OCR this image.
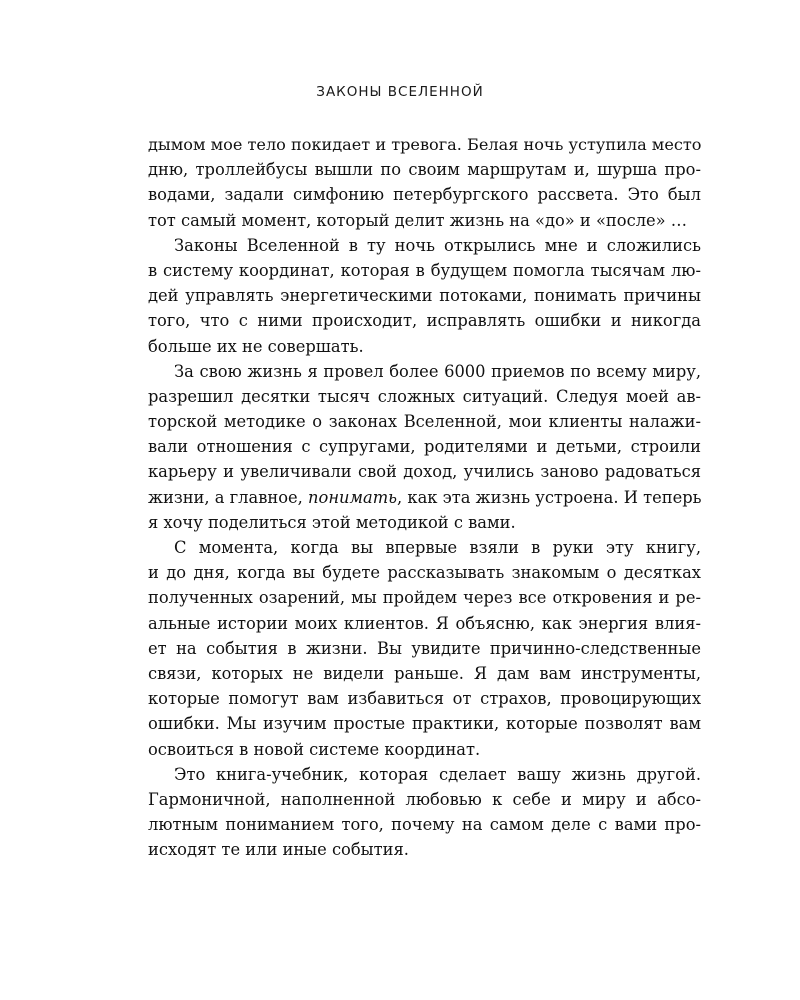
ЗАКОНЫ ВСЕЛЕННОЙ
дымом мое тело покидает и тревога. Белая ночь уступила место
дню, троллейбусы вышли по своим маршрутам и, шурша про-
водами, задали симфонию петербургского рассвета. Это был
тот самый момент, который делит жизнь на «до» и «после» …
Законы Вселенной в ту ночь открылись мне и сложились
в систему координат, которая в будущем помогла тысячам лю-
дей управлять энергетическими потоками, понимать причины
того, что с ними происходит, исправлять ошибки и никогда
больше их не совершать.
За свою жизнь я провел более 6000 приемов по всему миру,
разрешил десятки тысяч сложных ситуаций. Следуя моей ав-
торской методике о законах Вселенной, мои клиенты налажи-
вали отношения с супругами, родителями и детьми, строили
карьеру и увеличивали свой доход, учились заново радоваться
жизни, а главное, понимать, как эта жизнь устроена. И теперь
я хочу поделиться этой методикой с вами.
С момента, когда вы впервые взяли в руки эту книгу,
и до дня, когда вы будете рассказывать знакомым о десятках
полученных озарений, мы пройдем через все откровения и ре-
альные истории моих клиентов. Я объясню, как энергия влия-
ет на события в жизни. Вы увидите причинно-следственные
связи, которых не видели раньше. Я дам вам инструменты,
которые помогут вам избавиться от страхов, провоцирующих
ошибки. Мы изучим простые практики, которые позволят вам
освоиться в новой системе координат.
Это книга-учебник, которая сделает вашу жизнь другой.
Гармоничной, наполненной любовью к себе и миру и абсо-
лютным пониманием того, почему на самом деле с вами про-
исходят те или иные события.
